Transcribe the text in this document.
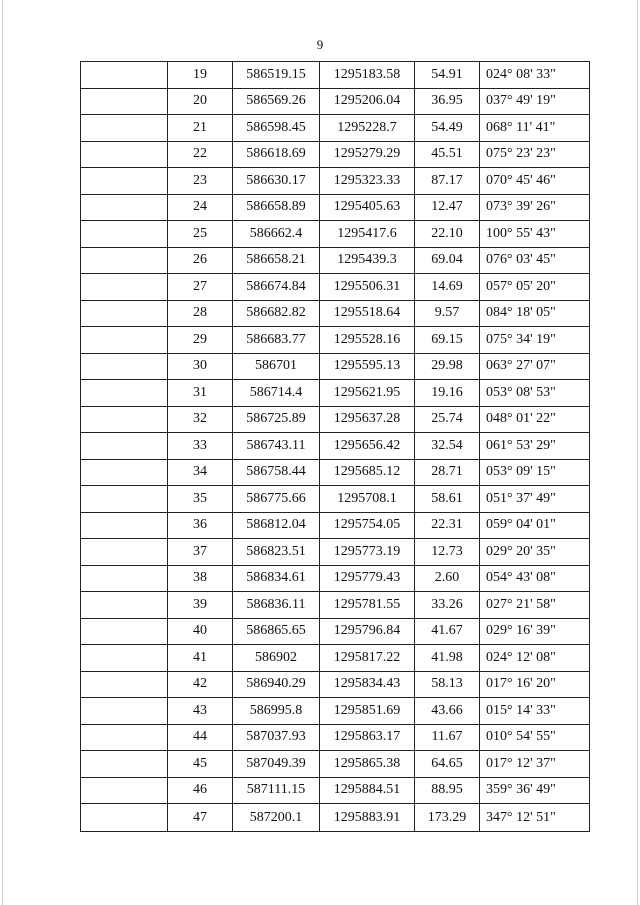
9
	19	586519.15	1295183.58	54.91	024° 08' 33"
	20	586569.26	1295206.04	36.95	037° 49' 19"
	21	586598.45	1295228.7	54.49	068° 11' 41"
	22	586618.69	1295279.29	45.51	075° 23' 23"
	23	586630.17	1295323.33	87.17	070° 45' 46"
	24	586658.89	1295405.63	12.47	073° 39' 26"
	25	586662.4	1295417.6	22.10	100° 55' 43"
	26	586658.21	1295439.3	69.04	076° 03' 45"
	27	586674.84	1295506.31	14.69	057° 05' 20"
	28	586682.82	1295518.64	9.57	084° 18' 05"
	29	586683.77	1295528.16	69.15	075° 34' 19"
	30	586701	1295595.13	29.98	063° 27' 07"
	31	586714.4	1295621.95	19.16	053° 08' 53"
	32	586725.89	1295637.28	25.74	048° 01' 22"
	33	586743.11	1295656.42	32.54	061° 53' 29"
	34	586758.44	1295685.12	28.71	053° 09' 15"
	35	586775.66	1295708.1	58.61	051° 37' 49"
	36	586812.04	1295754.05	22.31	059° 04' 01"
	37	586823.51	1295773.19	12.73	029° 20' 35"
	38	586834.61	1295779.43	2.60	054° 43' 08"
	39	586836.11	1295781.55	33.26	027° 21' 58"
	40	586865.65	1295796.84	41.67	029° 16' 39"
	41	586902	1295817.22	41.98	024° 12' 08"
	42	586940.29	1295834.43	58.13	017° 16' 20"
	43	586995.8	1295851.69	43.66	015° 14' 33"
	44	587037.93	1295863.17	11.67	010° 54' 55"
	45	587049.39	1295865.38	64.65	017° 12' 37"
	46	587111.15	1295884.51	88.95	359° 36' 49"
	47	587200.1	1295883.91	173.29	347° 12' 51"
